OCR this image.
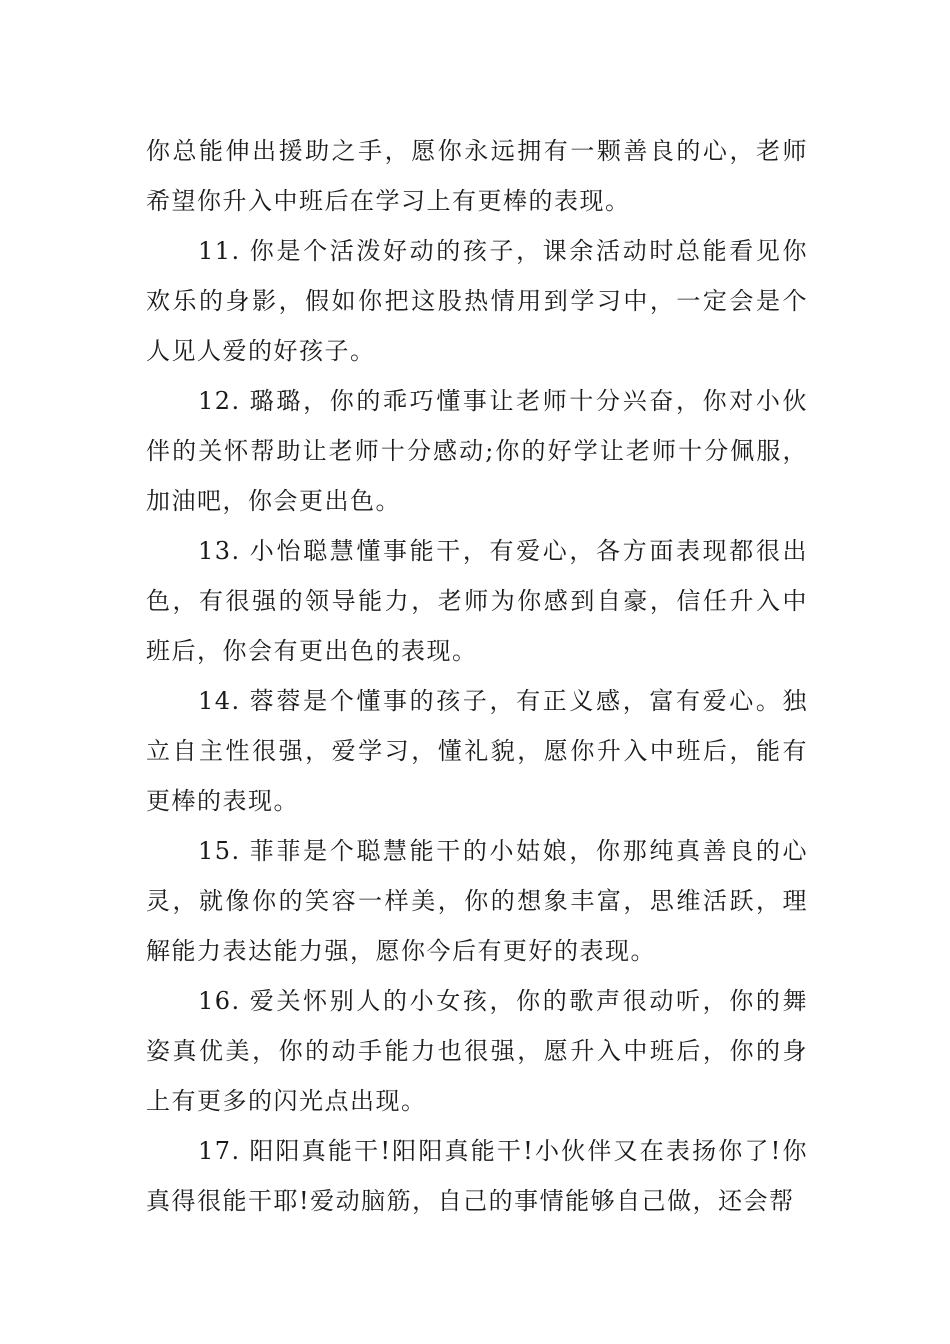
你总能伸出援助之手，愿你永远拥有一颗善良的心，老师希望你升入中班后在学习上有更棒的表现。

11. 你是个活泼好动的孩子，课余活动时总能看见你欢乐的身影，假如你把这股热情用到学习中，一定会是个人见人爱的好孩子。

12. 璐璐，你的乖巧懂事让老师十分兴奋，你对小伙伴的关怀帮助让老师十分感动;你的好学让老师十分佩服，加油吧，你会更出色。

13. 小怡聪慧懂事能干，有爱心，各方面表现都很出色，有很强的领导能力，老师为你感到自豪，信任升入中班后，你会有更出色的表现。

14. 蓉蓉是个懂事的孩子，有正义感，富有爱心。独立自主性很强，爱学习，懂礼貌，愿你升入中班后，能有更棒的表现。

15. 菲菲是个聪慧能干的小姑娘，你那纯真善良的心灵，就像你的笑容一样美，你的想象丰富，思维活跃，理解能力表达能力强，愿你今后有更好的表现。

16. 爱关怀别人的小女孩，你的歌声很动听，你的舞姿真优美，你的动手能力也很强，愿升入中班后，你的身上有更多的闪光点出现。

17. 阳阳真能干!阳阳真能干!小伙伴又在表扬你了!你真得很能干耶!爱动脑筋，自己的事情能够自己做，还会帮
